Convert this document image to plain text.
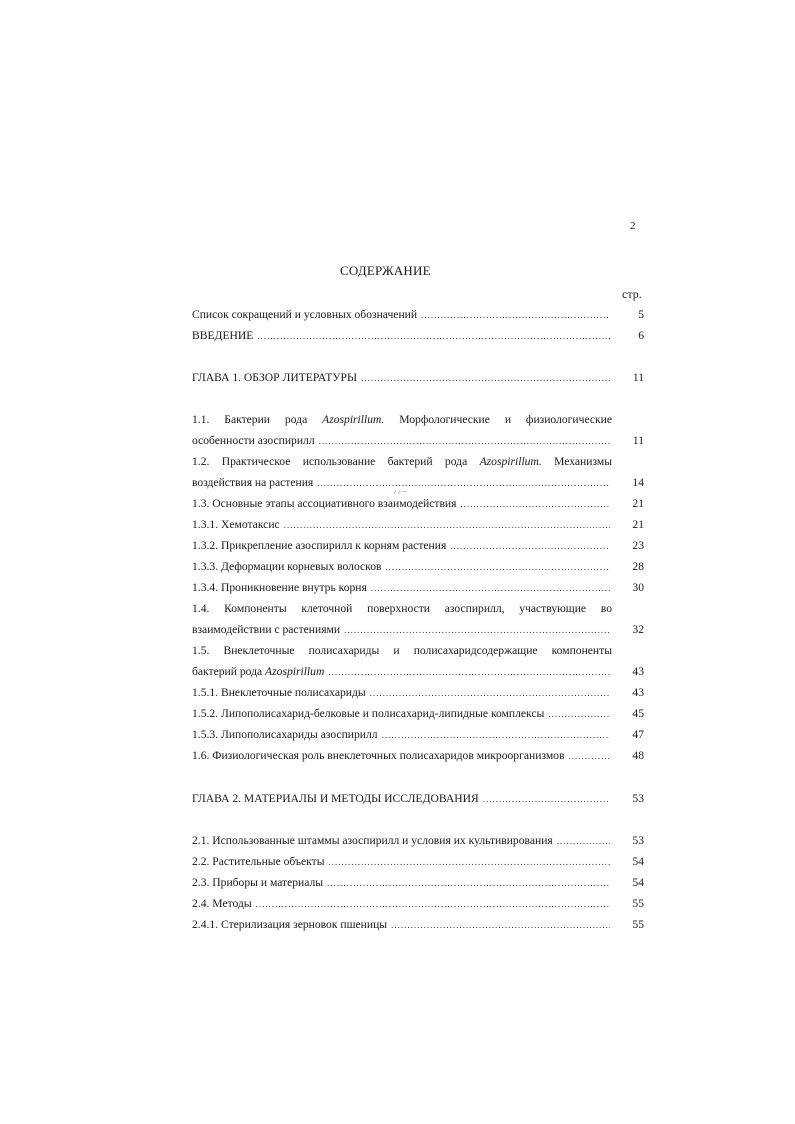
2
СОДЕРЖАНИЕ
стр.
Список сокращений и условных обозначений .....	5
ВВЕДЕНИЕ .....	6
ГЛАВА 1. ОБЗОР ЛИТЕРАТУРЫ .....	11
1.1. Бактерии рода Azospirillum. Морфологические и физиологические
особенности азоспирилл .....	11
1.2. Практическое использование бактерий рода Azospirillum. Механизмы
воздействия на растения .....	14
1.3. Основные этапы ассоциативного взаимодействия .....	21
1.3.1. Хемотаксис .....	21
1.3.2. Прикрепление азоспирилл к корням растения .....	23
1.3.3. Деформации корневых волосков .....	28
1.3.4. Проникновение внутрь корня .....	30
1.4. Компоненты клеточной поверхности азоспирилл, участвующие во
взаимодействии с растениями .....	32
1.5. Внеклеточные полисахариды и полисахаридсодержащие компоненты
бактерий рода Azospirillum .....	43
1.5.1. Внеклеточные полисахариды .....	43
1.5.2. Липополисахарид-белковые и полисахарид-липидные комплексы .....	45
1.5.3. Липополисахариды азоспирилл .....	47
1.6. Физиологическая роль внеклеточных полисахаридов микроорганизмов .....	48
ГЛАВА 2. МАТЕРИАЛЫ И МЕТОДЫ ИССЛЕДОВАНИЯ .....	53
2.1. Использованные штаммы азоспирилл и условия их культивирования .....	53
2.2. Растительные объекты .....	54
2.3. Приборы и материалы .....	54
2.4. Методы .....	55
2.4.1. Стерилизация зерновок пшеницы .....	55
·̇ ·̈ ⁻
